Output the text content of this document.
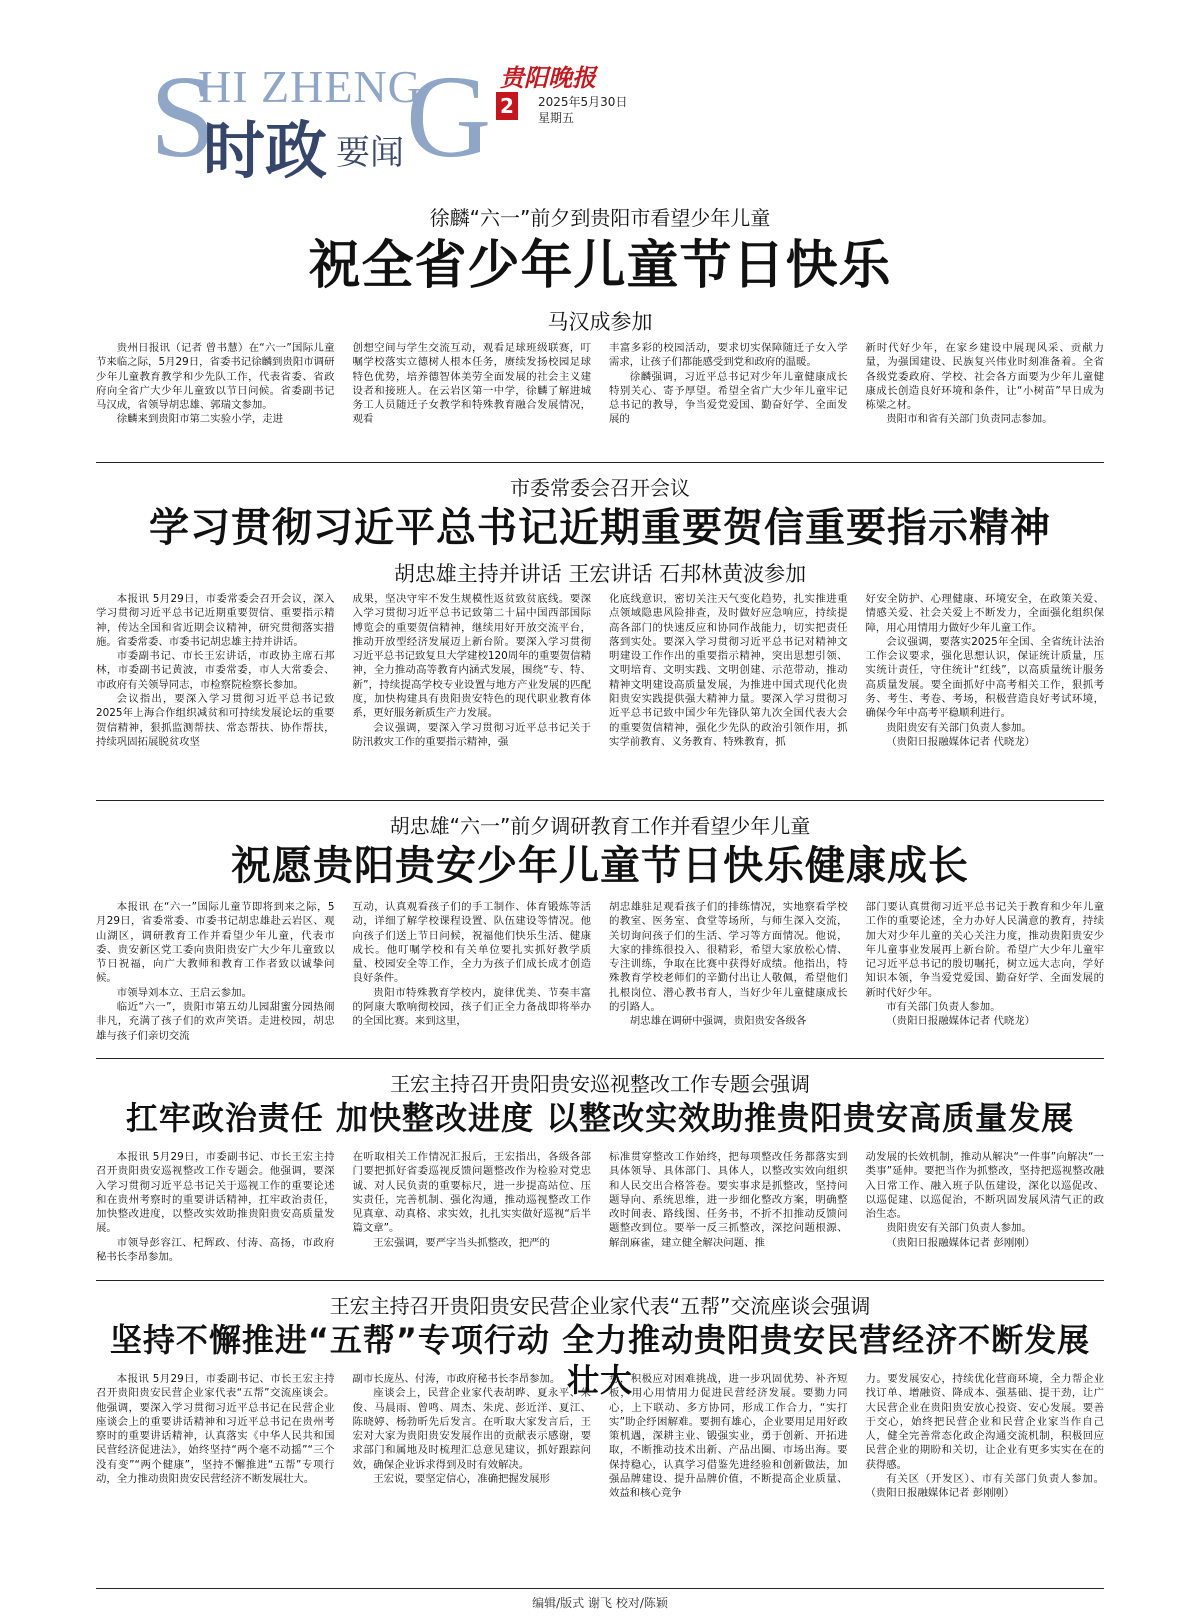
S
HI ZHENG
G
时政 要闻
贵阳晚报
2	2025年5月30日
星期五
徐麟“六一”前夕到贵阳市看望少年儿童
祝全省少年儿童节日快乐
马汉成参加
贵州日报讯（记者 曾书慧）在“六一”国际儿童节来临之际，5月29日，省委书记徐麟到贵阳市调研少年儿童教育教学和少先队工作，代表省委、省政府向全省广大少年儿童致以节日问候。省委副书记马汉成，省领导胡忠雄、郭瑞文参加。
徐麟来到贵阳市第二实验小学，走进
创想空间与学生交流互动，观看足球班级联赛，叮嘱学校落实立德树人根本任务，赓续发扬校园足球特色优势，培养德智体美劳全面发展的社会主义建设者和接班人。在云岩区第一中学，徐麟了解进城务工人员随迁子女教学和特殊教育融合发展情况，观看
丰富多彩的校园活动，要求切实保障随迁子女入学需求，让孩子们都能感受到党和政府的温暖。
徐麟强调，习近平总书记对少年儿童健康成长特别关心、寄予厚望。希望全省广大少年儿童牢记总书记的教导，争当爱党爱国、勤奋好学、全面发展的
新时代好少年，在家乡建设中展现风采、贡献力量，为强国建设、民族复兴伟业时刻准备着。全省各级党委政府、学校、社会各方面要为少年儿童健康成长创造良好环境和条件，让“小树苗”早日成为栋梁之材。
贵阳市和省有关部门负责同志参加。
市委常委会召开会议
学习贯彻习近平总书记近期重要贺信重要指示精神
胡忠雄主持并讲话 王宏讲话 石邦林黄波参加
本报讯 5月29日，市委常委会召开会议，深入学习贯彻习近平总书记近期重要贺信、重要指示精神，传达全国和省近期会议精神，研究贯彻落实措施。省委常委、市委书记胡忠雄主持并讲话。
市委副书记、市长王宏讲话，市政协主席石邦林，市委副书记黄波，市委常委，市人大常委会、市政府有关领导同志，市检察院检察长参加。
会议指出，要深入学习贯彻习近平总书记致2025年上海合作组织减贫和可持续发展论坛的重要贺信精神，狠抓监测帮扶、常态帮扶、协作帮扶，持续巩固拓展脱贫攻坚
成果，坚决守牢不发生规模性返贫致贫底线。要深入学习贯彻习近平总书记致第二十届中国西部国际博览会的重要贺信精神，继续用好开放交流平台，推动开放型经济发展迈上新台阶。要深入学习贯彻习近平总书记致复旦大学建校120周年的重要贺信精神，全力推动高等教育内涵式发展，围绕“专、特、新”，持续提高学校专业设置与地方产业发展的匹配度，加快构建具有贵阳贵安特色的现代职业教育体系，更好服务新质生产力发展。
会议强调，要深入学习贯彻习近平总书记关于防汛救灾工作的重要指示精神，强
化底线意识，密切关注天气变化趋势，扎实推进重点领域隐患风险排查，及时做好应急响应，持续提高各部门的快速反应和协同作战能力，切实把责任落到实处。要深入学习贯彻习近平总书记对精神文明建设工作作出的重要指示精神，突出思想引领、文明培育、文明实践、文明创建、示范带动，推动精神文明建设高质量发展，为推进中国式现代化贵阳贵安实践提供强大精神力量。要深入学习贯彻习近平总书记致中国少年先锋队第九次全国代表大会的重要贺信精神，强化少先队的政治引领作用，抓实学前教育、义务教育、特殊教育，抓
好安全防护、心理健康、环境安全，在政策关爱、情感关爱、社会关爱上不断发力，全面强化组织保障，用心用情用力做好少年儿童工作。
会议强调，要落实2025年全国、全省统计法治工作会议要求，强化思想认识，保证统计质量，压实统计责任，守住统计“红线”，以高质量统计服务高质量发展。要全面抓好中高考相关工作，狠抓考务、考生、考卷、考场，积极营造良好考试环境，确保今年中高考平稳顺利进行。
贵阳贵安有关部门负责人参加。
（贵阳日报融媒体记者 代晓龙）
胡忠雄“六一”前夕调研教育工作并看望少年儿童
祝愿贵阳贵安少年儿童节日快乐健康成长
本报讯 在“六一”国际儿童节即将到来之际，5月29日，省委常委、市委书记胡忠雄赴云岩区、观山湖区，调研教育工作并看望少年儿童，代表市委、贵安新区党工委向贵阳贵安广大少年儿童致以节日祝福，向广大教师和教育工作者致以诚挚问候。
市领导刘本立、王启云参加。
临近“六一”，贵阳市第五幼儿园甜蜜分园热闹非凡，充满了孩子们的欢声笑语。走进校园，胡忠雄与孩子们亲切交流
互动，认真观看孩子们的手工制作、体育锻炼等活动，详细了解学校课程设置、队伍建设等情况。他向孩子们送上节日问候，祝福他们快乐生活、健康成长。他叮嘱学校和有关单位要扎实抓好教学质量、校园安全等工作，全力为孩子们成长成才创造良好条件。
贵阳市特殊教育学校内，旋律优美、节奏丰富的阿康大歌响彻校园，孩子们正全力备战即将举办的全国比赛。来到这里，
胡忠雄驻足观看孩子们的排练情况，实地察看学校的教室、医务室、食堂等场所，与师生深入交流，关切询问孩子们的生活、学习等方面情况。他说，大家的排练很投入、很精彩，希望大家放松心情、专注训练，争取在比赛中获得好成绩。他指出，特殊教育学校老师们的辛勤付出让人敬佩，希望他们扎根岗位、潜心教书育人，当好少年儿童健康成长的引路人。
胡忠雄在调研中强调，贵阳贵安各级各
部门要认真贯彻习近平总书记关于教育和少年儿童工作的重要论述，全力办好人民满意的教育，持续加大对少年儿童的关心关注力度，推动贵阳贵安少年儿童事业发展再上新台阶。希望广大少年儿童牢记习近平总书记的殷切嘱托，树立远大志向，学好知识本领，争当爱党爱国、勤奋好学、全面发展的新时代好少年。
市有关部门负责人参加。
（贵阳日报融媒体记者 代晓龙）
王宏主持召开贵阳贵安巡视整改工作专题会强调
扛牢政治责任 加快整改进度 以整改实效助推贵阳贵安高质量发展
本报讯 5月29日，市委副书记、市长王宏主持召开贵阳贵安巡视整改工作专题会。他强调，要深入学习贯彻习近平总书记关于巡视工作的重要论述和在贵州考察时的重要讲话精神，扛牢政治责任，加快整改进度，以整改实效助推贵阳贵安高质量发展。
市领导彭容江、杞辉政、付涛、高扬，市政府秘书长李昂参加。
在听取相关工作情况汇报后，王宏指出，各级各部门要把抓好省委巡视反馈问题整改作为检验对党忠诚、对人民负责的重要标尺，进一步提高站位、压实责任，完善机制、强化沟通，推动巡视整改工作见真章、动真格、求实效，扎扎实实做好巡视“后半篇文章”。
王宏强调，要严字当头抓整改，把严的
标准贯穿整改工作始终，把每项整改任务都落实到具体领导、具体部门、具体人，以整改实效向组织和人民交出合格答卷。要实事求是抓整改，坚持问题导向、系统思维，进一步细化整改方案，明确整改时间表、路线图、任务书，不折不扣推动反馈问题整改到位。要举一反三抓整改，深挖问题根源、解剖麻雀，建立健全解决问题、推
动发展的长效机制，推动从解决“一件事”向解决“一类事”延伸。要把当作为抓整改，坚持把巡视整改融入日常工作、融入班子队伍建设，深化以巡促改、以巡促建、以巡促治，不断巩固发展风清气正的政治生态。
贵阳贵安有关部门负责人参加。
（贵阳日报融媒体记者 彭刚刚）
王宏主持召开贵阳贵安民营企业家代表“五帮”交流座谈会强调
坚持不懈推进“五帮”专项行动 全力推动贵阳贵安民营经济不断发展壮大
本报讯 5月29日，市委副书记、市长王宏主持召开贵阳贵安民营企业家代表“五帮”交流座谈会。他强调，要深入学习贯彻习近平总书记在民营企业座谈会上的重要讲话精神和习近平总书记在贵州考察时的重要讲话精神，认真落实《中华人民共和国民营经济促进法》，始终坚持“两个毫不动摇”“三个没有变”“两个健康”，坚持不懈推进“五帮”专项行动，全力推动贵阳贵安民营经济不断发展壮大。
副市长庞丛、付涛，市政府秘书长李昂参加。
座谈会上，民营企业家代表胡晔、夏永平、朱俊、马晨雨、曾鸣、周杰、朱虎、彭近洋、夏江、陈晓婷、杨勃昕先后发言。在听取大家发言后，王宏对大家为贵阳贵安发展作出的贡献表示感谢，要求部门和属地及时梳理汇总意见建议，抓好跟踪问效，确保企业诉求得到及时有效解决。
王宏说，要坚定信心，准确把握发展形
势，积极应对困难挑战，进一步巩固优势、补齐短板，用心用情用力促进民营经济发展。要勠力同心，上下联动、多方协同，形成工作合力，“实打实”助企纾困解难。要拥有雄心，企业要用足用好政策机遇，深耕主业、锻强实业，勇于创新、开拓进取，不断推动技术出新、产品出圈、市场出海。要保持稳心，认真学习借鉴先进经验和创新做法，加强品牌建设、提升品牌价值，不断提高企业质量、效益和核心竞争
力。要发展安心，持续优化营商环境，全力帮企业找订单、增融资、降成本、强基础、提干劲，让广大民营企业在贵阳贵安放心投资、安心发展。要善于交心，始终把民营企业和民营企业家当作自己人，健全完善常态化政企沟通交流机制，积极回应民营企业的期盼和关切，让企业有更多实实在在的获得感。
有关区（开发区）、市有关部门负责人参加。 （贵阳日报融媒体记者 彭刚刚）
编辑/版式 谢飞 校对/陈颖
